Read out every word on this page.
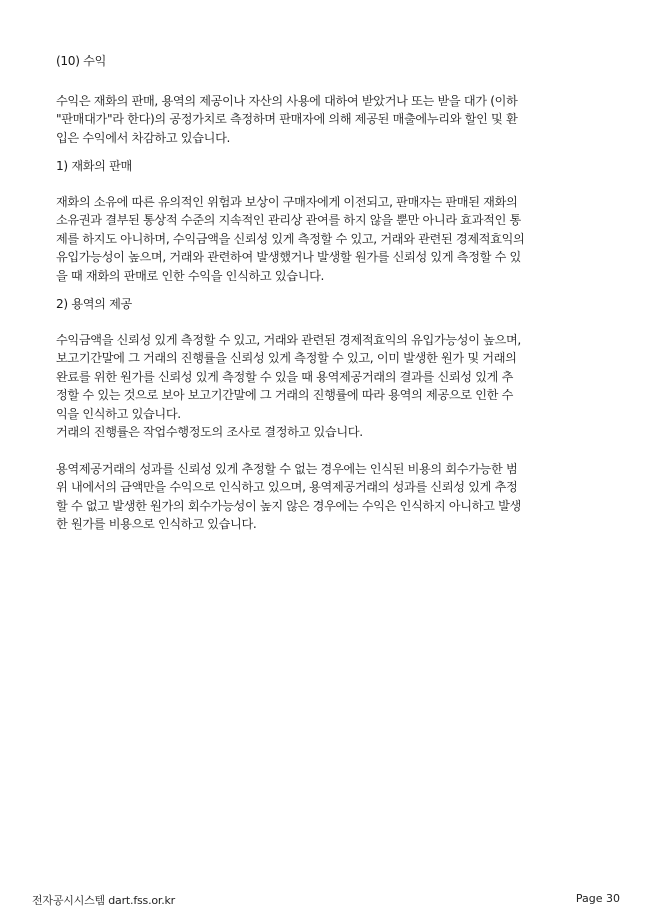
(10) 수익
수익은 재화의 판매, 용역의 제공이나 자산의 사용에 대하여 받았거나 또는 받을 대가 (이하
"판매대가"라 한다)의 공정가치로 측정하며 판매자에 의해 제공된 매출에누리와 할인 및 환
입은 수익에서 차감하고 있습니다.
1) 재화의 판매
재화의 소유에 따른 유의적인 위험과 보상이 구매자에게 이전되고, 판매자는 판매된 재화의
소유권과 결부된 통상적 수준의 지속적인 관리상 관여를 하지 않을 뿐만 아니라 효과적인 통
제를 하지도 아니하며, 수익금액을 신뢰성 있게 측정할 수 있고, 거래와 관련된 경제적효익의
유입가능성이 높으며, 거래와 관련하여 발생했거나 발생할 원가를 신뢰성 있게 측정할 수 있
을 때 재화의 판매로 인한 수익을 인식하고 있습니다.
2) 용역의 제공
수익금액을 신뢰성 있게 측정할 수 있고, 거래와 관련된 경제적효익의 유입가능성이 높으며,
보고기간말에 그 거래의 진행률을 신뢰성 있게 측정할 수 있고, 이미 발생한 원가 및 거래의
완료를 위한 원가를 신뢰성 있게 측정할 수 있을 때 용역제공거래의 결과를 신뢰성 있게 추
정할 수 있는 것으로 보아 보고기간말에 그 거래의 진행률에 따라 용역의 제공으로 인한 수
익을 인식하고 있습니다.
거래의 진행률은 작업수행정도의 조사로 결정하고 있습니다.
용역제공거래의 성과를 신뢰성 있게 추정할 수 없는 경우에는 인식된 비용의 회수가능한 범
위 내에서의 금액만을 수익으로 인식하고 있으며, 용역제공거래의 성과를 신뢰성 있게 추정
할 수 없고 발생한 원가의 회수가능성이 높지 않은 경우에는 수익은 인식하지 아니하고 발생
한 원가를 비용으로 인식하고 있습니다.
전자공시시스템 dart.fss.or.kr	Page 30
